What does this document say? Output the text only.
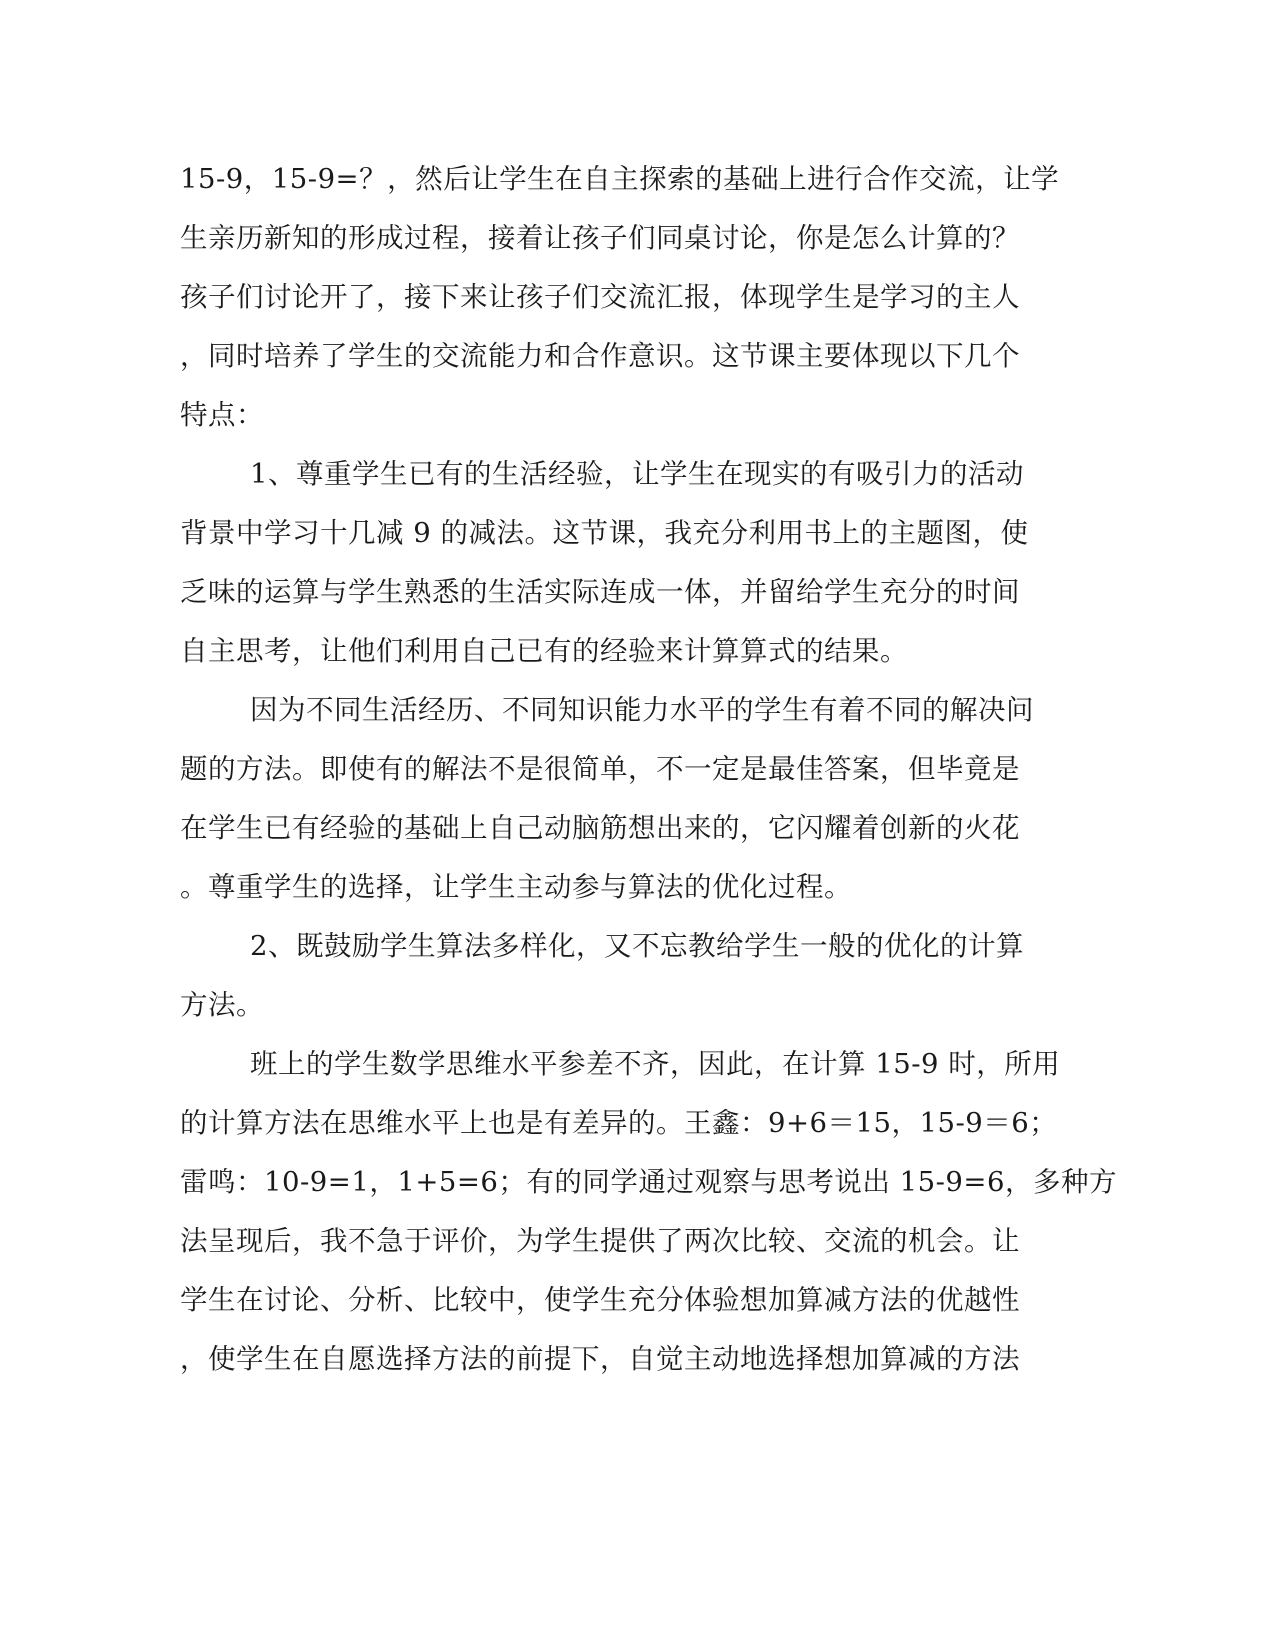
15-9，15-9=？，然后让学生在自主探索的基础上进行合作交流，让学
生亲历新知的形成过程，接着让孩子们同桌讨论，你是怎么计算的？
孩子们讨论开了，接下来让孩子们交流汇报，体现学生是学习的主人
，同时培养了学生的交流能力和合作意识。这节课主要体现以下几个
特点：
1、尊重学生已有的生活经验，让学生在现实的有吸引力的活动
背景中学习十几减 9 的减法。这节课，我充分利用书上的主题图，使
乏味的运算与学生熟悉的生活实际连成一体，并留给学生充分的时间
自主思考，让他们利用自己已有的经验来计算算式的结果。
因为不同生活经历、不同知识能力水平的学生有着不同的解决问
题的方法。即使有的解法不是很简单，不一定是最佳答案，但毕竟是
在学生已有经验的基础上自己动脑筋想出来的，它闪耀着创新的火花
。尊重学生的选择，让学生主动参与算法的优化过程。
2、既鼓励学生算法多样化，又不忘教给学生一般的优化的计算
方法。
班上的学生数学思维水平参差不齐，因此，在计算 15-9 时，所用
的计算方法在思维水平上也是有差异的。王鑫：9+6＝15，15-9＝6；
雷鸣：10-9=1，1+5=6；有的同学通过观察与思考说出 15-9=6，多种方
法呈现后，我不急于评价，为学生提供了两次比较、交流的机会。让
学生在讨论、分析、比较中，使学生充分体验想加算减方法的优越性
，使学生在自愿选择方法的前提下，自觉主动地选择想加算减的方法
